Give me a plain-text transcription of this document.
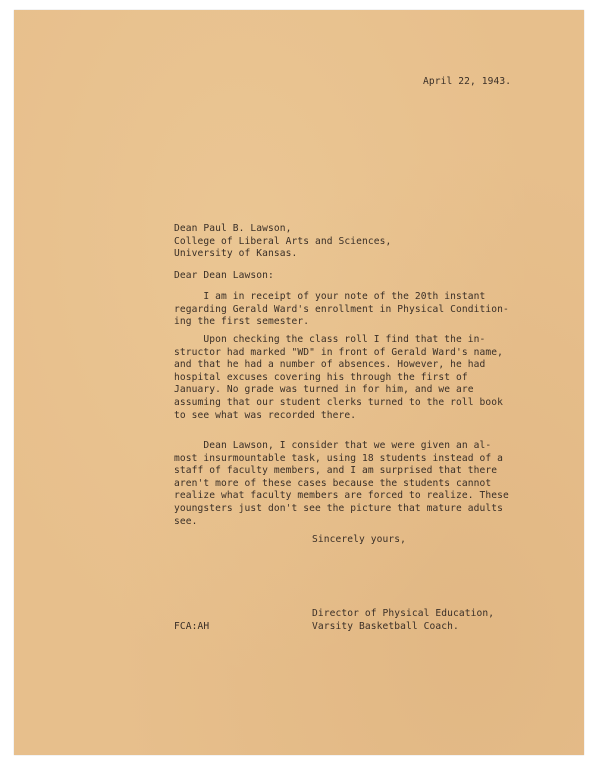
April 22, 1943.
Dean Paul B. Lawson,
College of Liberal Arts and Sciences,
University of Kansas.
Dear Dean Lawson:
I am in receipt of your note of the 20th instant
regarding Gerald Ward's enrollment in Physical Condition-
ing the first semester.
Upon checking the class roll I find that the in-
structor had marked "WD" in front of Gerald Ward's name,
and that he had a number of absences. However, he had
hospital excuses covering his through the first of
January. No grade was turned in for him, and we are
assuming that our student clerks turned to the roll book
to see what was recorded there.
Dean Lawson, I consider that we were given an al-
most insurmountable task, using 18 students instead of a
staff of faculty members, and I am surprised that there
aren't more of these cases because the students cannot
realize what faculty members are forced to realize. These
youngsters just don't see the picture that mature adults
see.
Sincerely yours,
Director of Physical Education,
Varsity Basketball Coach.
FCA:AH
